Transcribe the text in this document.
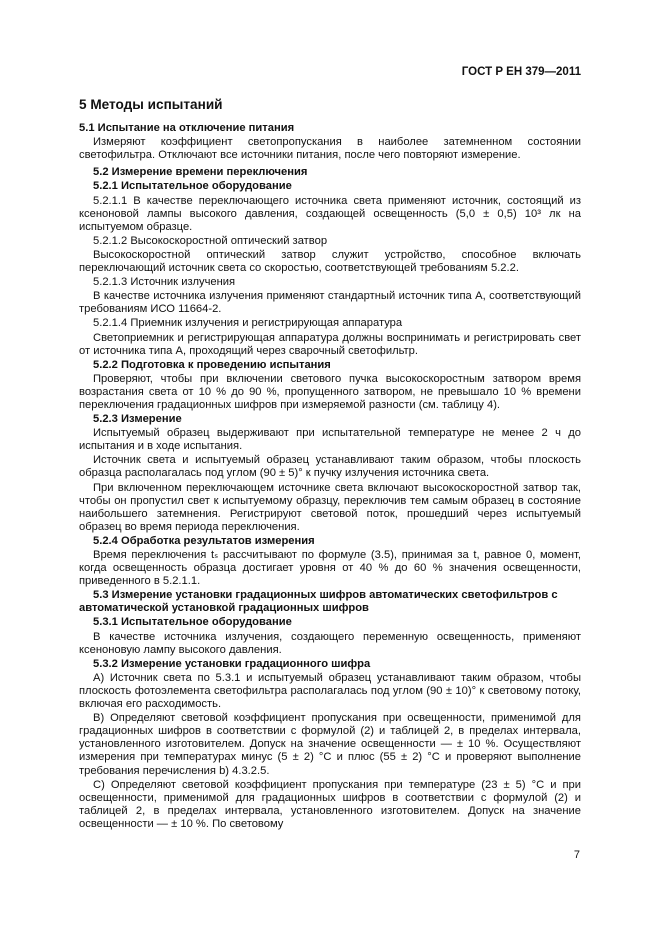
ГОСТ Р ЕН 379—2011
5 Методы испытаний
5.1 Испытание на отключение питания

Измеряют коэффициент светопропускания в наиболее затемненном состоянии светофильтра. Отключают все источники питания, после чего повторяют измерение.

5.2 Измерение времени переключения
5.2.1 Испытательное оборудование

5.2.1.1 В качестве переключающего источника света применяют источник, состоящий из ксеноновой лампы высокого давления, создающей освещенность (5,0 ± 0,5) 10³ лк на испытуемом образце.

5.2.1.2 Высокоскоростной оптический затвор

Высокоскоростной оптический затвор служит устройство, способное включать переключающий источник света со скоростью, соответствующей требованиям 5.2.2.

5.2.1.3 Источник излучения

В качестве источника излучения применяют стандартный источник типа А, соответствующий требованиям ИСО 11664-2.

5.2.1.4 Приемник излучения и регистрирующая аппаратура

Светоприемник и регистрирующая аппаратура должны воспринимать и регистрировать свет от источника типа А, проходящий через сварочный светофильтр.

5.2.2 Подготовка к проведению испытания

Проверяют, чтобы при включении светового пучка высокоскоростным затвором время возрастания света от 10 % до 90 %, пропущенного затвором, не превышало 10 % времени переключения градационных шифров при измеряемой разности (см. таблицу 4).

5.2.3 Измерение

Испытуемый образец выдерживают при испытательной температуре не менее 2 ч до испытания и в ходе испытания.

Источник света и испытуемый образец устанавливают таким образом, чтобы плоскость образца располагалась под углом (90 ± 5)° к пучку излучения источника света.

При включенном переключающем источнике света включают высокоскоростной затвор так, чтобы он пропустил свет к испытуемому образцу, переключив тем самым образец в состояние наибольшего затемнения. Регистрируют световой поток, прошедший через испытуемый образец во время периода переключения.

5.2.4 Обработка результатов измерения

Время переключения tₛ рассчитывают по формуле (3.5), принимая за t, равное 0, момент, когда освещенность образца достигает уровня от 40 % до 60 % значения освещенности, приведенного в 5.2.1.1.

5.3 Измерение установки градационных шифров автоматических светофильтров с автоматической установкой градационных шифров
5.3.1 Испытательное оборудование

В качестве источника излучения, создающего переменную освещенность, применяют ксеноновую лампу высокого давления.

5.3.2 Измерение установки градационного шифра

А) Источник света по 5.3.1 и испытуемый образец устанавливают таким образом, чтобы плоскость фотоэлемента светофильтра располагалась под углом (90 ± 10)° к световому потоку, включая его расходимость.

B) Определяют световой коэффициент пропускания при освещенности, применимой для градационных шифров в соответствии с формулой (2) и таблицей 2, в пределах интервала, установленного изготовителем. Допуск на значение освещенности — ± 10 %. Осуществляют измерения при температурах минус (5 ± 2) °С и плюс (55 ± 2) °С и проверяют выполнение требования перечисления b) 4.3.2.5.

С) Определяют световой коэффициент пропускания при температуре (23 ± 5) °С и при освещенности, применимой для градационных шифров в соответствии с формулой (2) и таблицей 2, в пределах интервала, установленного изготовителем. Допуск на значение освещенности — ± 10 %. По световому

7
